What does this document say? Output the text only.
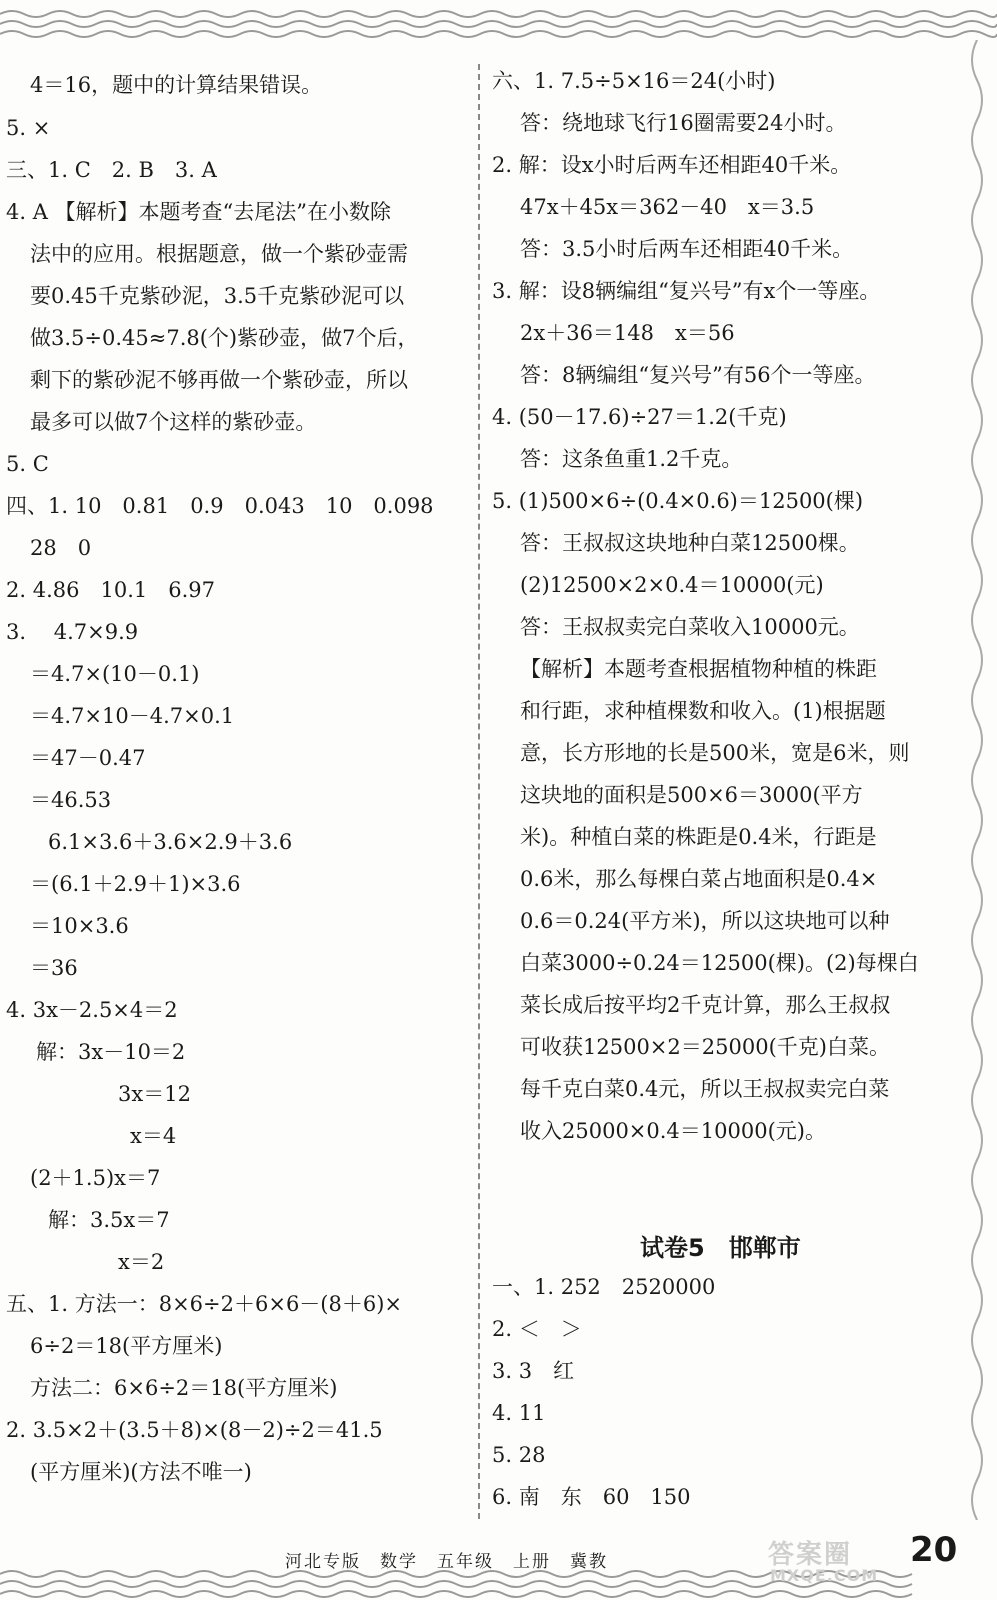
4＝16，题中的计算结果错误。
5. ×
三、1. C　2. B　3. A
4. A 【解析】本题考查“去尾法”在小数除
法中的应用。根据题意，做一个紫砂壶需
要0.45千克紫砂泥，3.5千克紫砂泥可以
做3.5÷0.45≈7.8(个)紫砂壶，做7个后，
剩下的紫砂泥不够再做一个紫砂壶，所以
最多可以做7个这样的紫砂壶。
5. C
四、1. 10　0.81　0.9　0.043　10　0.098
28　0
2. 4.86　10.1　6.97
3. 　4.7×9.9
＝4.7×(10－0.1)
＝4.7×10－4.7×0.1
＝47－0.47
＝46.53
6.1×3.6＋3.6×2.9＋3.6
＝(6.1＋2.9＋1)×3.6
＝10×3.6
＝36
4. 3x－2.5×4＝2
解：3x－10＝2
3x＝12
x＝4
(2＋1.5)x＝7
解：3.5x＝7
x＝2
五、1. 方法一：8×6÷2＋6×6－(8＋6)×
6÷2＝18(平方厘米)
方法二：6×6÷2＝18(平方厘米)
2. 3.5×2＋(3.5＋8)×(8－2)÷2＝41.5
(平方厘米)(方法不唯一)
六、1. 7.5÷5×16＝24(小时)
答：绕地球飞行16圈需要24小时。
2. 解：设x小时后两车还相距40千米。
47x＋45x＝362－40　x＝3.5
答：3.5小时后两车还相距40千米。
3. 解：设8辆编组“复兴号”有x个一等座。
2x＋36＝148　x＝56
答：8辆编组“复兴号”有56个一等座。
4. (50－17.6)÷27＝1.2(千克)
答：这条鱼重1.2千克。
5. (1)500×6÷(0.4×0.6)＝12500(棵)
答：王叔叔这块地种白菜12500棵。
(2)12500×2×0.4＝10000(元)
答：王叔叔卖完白菜收入10000元。
【解析】本题考查根据植物种植的株距
和行距，求种植棵数和收入。(1)根据题
意，长方形地的长是500米，宽是6米，则
这块地的面积是500×6＝3000(平方
米)。种植白菜的株距是0.4米，行距是
0.6米，那么每棵白菜占地面积是0.4×
0.6＝0.24(平方米)，所以这块地可以种
白菜3000÷0.24＝12500(棵)。(2)每棵白
菜长成后按平均2千克计算，那么王叔叔
可收获12500×2＝25000(千克)白菜。
每千克白菜0.4元，所以王叔叔卖完白菜
收入25000×0.4＝10000(元)。
试卷5　邯郸市
一、1. 252　2520000
2. ＜　＞
3. 3　红
4. 11
5. 28
6. 南　东　60　150
河北专版　数学　五年级　上册　冀教	答案圈
MXQE.COM
20
